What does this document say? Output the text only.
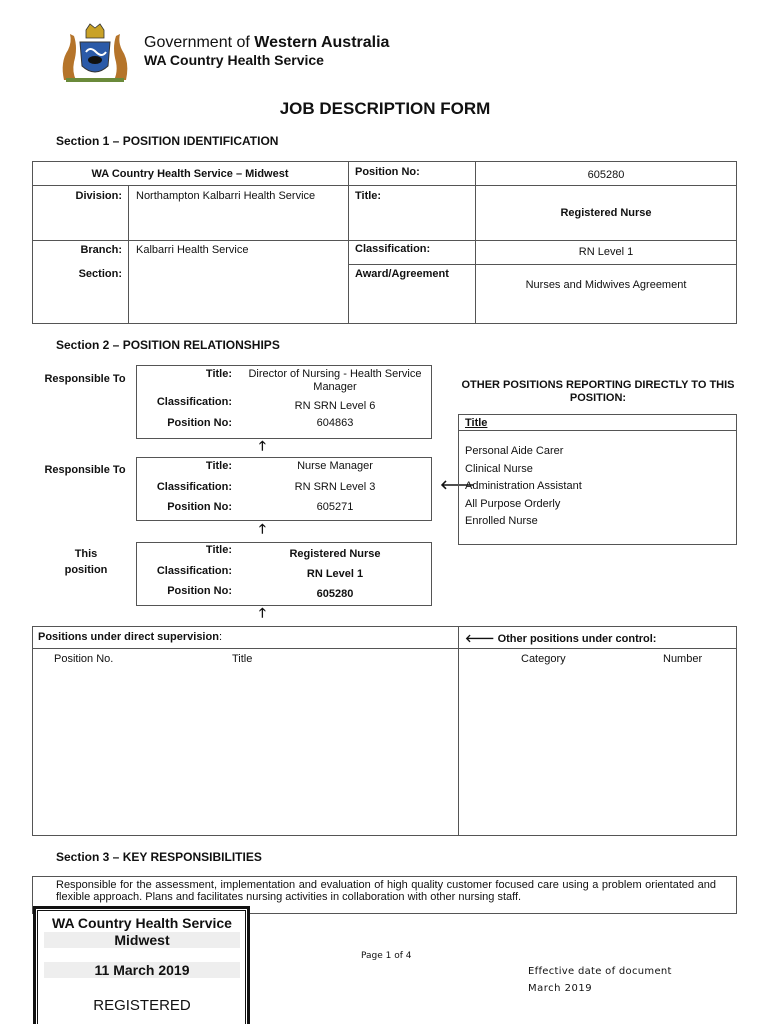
Government of Western Australia
WA Country Health Service
JOB DESCRIPTION FORM
Section 1 – POSITION IDENTIFICATION
WA Country Health Service – Midwest	Position No:	605280
Division: Northampton Kalbarri Health Service	Title:
Registered Nurse
Branch: Kalbarri Health Service	Classification:	RN Level 1
Section:	Award/Agreement
Nurses and Midwives Agreement
Section 2 – POSITION RELATIONSHIPS
Responsible To
Responsible To
This position
Title:	Director of Nursing - Health Service Manager
Classification:	RN SRN Level 6
Position No:	604863
🡑
Title:	Nurse Manager
Classification:	RN SRN Level 3
Position No:	605271
🡑
🡐
Title:	Registered Nurse
Classification:	RN Level 1
Position No:	605280
🡑
OTHER POSITIONS REPORTING DIRECTLY TO THIS POSITION:
Title
Personal Aide Carer
Clinical Nurse
Administration Assistant
All Purpose Orderly
Enrolled Nurse
Positions under direct supervision:	🡐 Other positions under control:
Position No.	Title	Category	Number
Section 3 – KEY RESPONSIBILITIES
Responsible for the assessment, implementation and evaluation of high quality customer focused care using a problem orientated and flexible approach. Plans and facilitates nursing activities in collaboration with other nursing staff.
WA Country Health Service
Midwest
11 March 2019
REGISTERED
Page 1 of 4
Effective date of document
March 2019
